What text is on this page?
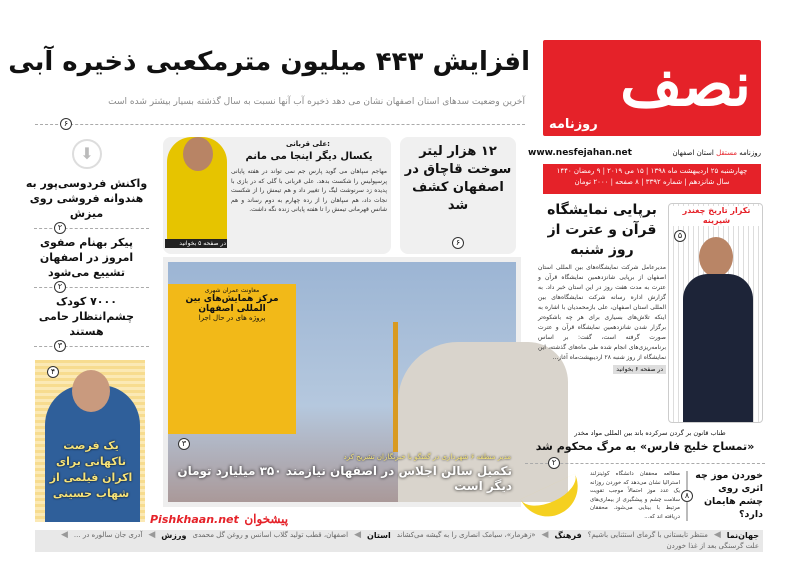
افزایش ۴۴۳ میلیون مترمکعبی ذخیره آبی
آخرین وضعیت سدهای استان اصفهان نشان می دهد ذخیره آب آنها نسبت به سال گذشته بسیار بیشتر شده است
۶
نصف
روزنامه
www.nesfejahan.net	روزنامه مستقل استان اصفهان
چهارشنبه ۲۵ اردیبهشت ماه ۱۳۹۸ | ۱۵ می ۲۰۱۹ | ۹ رمضان ۱۴۴۰
سال شانزدهم | شماره ۳۳۹۲ | ۸ صفحه | ۲۰۰۰ تومان
⬇
واکنش فردوسی‌پور به هندوانه فروشی روی میزش
۲
پیکر بهنام صفوی امروز در اصفهان تشییع می‌شود
۲
۷۰۰۰ کودک چشم‌انتظار حامی هستند
۳
یک فرصت ناکهانی برای اکران فیلمی از شهاب حسینی
۴
در صفحه ۵ بخوانید
علی قربانی:
یکسال دیگر اینجا می مانم
مهاجم سپاهان می گوید پارس جم نمی تواند در هفته پایانی پرسپولیس را شکست بدهد. علی قربانی با گلی که در بازی با پدیده زد سرنوشت لیگ را تغییر داد و هم تیمش را از شکست نجات داد، هم سپاهان را از رده چهارم به دوم رساند و هم شانس قهرمانی تیمش را تا هفته پایانی زنده نگه داشت.
۱۲ هزار لیتر سوخت قاچاق در اصفهان کشف شد
۶
معاونت عمران شهری
مرکز همایش‌های بین المللی اصفهان
پروژه های در حال اجرا
۳
مدیر منطقه ۶ شهرداری در گفتگو با خبرنگاران تشریح کرد
تکمیل سالن اجلاس در اصفهان نیازمند ۳۵۰ میلیارد تومان دیگر است
برپایی نمایشگاه قرآن و عترت از روز شنبه
مدیرعامل شرکت نمایشگاه‌های بین المللی استان اصفهان از برپایی شانزدهمین نمایشگاه قرآن و عترت به مدت هفت روز در این استان خبر داد. به گزارش اداره رسانه شرکت نمایشگاه‌های بین المللی استان اصفهان، علی بازمحمدیان با اشاره به اینکه تلاش‌های بسیاری برای هر چه باشکوه‌تر برگزار شدن شانزدهمین نمایشگاه قرآن و عترت صورت گرفته است، گفت: بر اساس برنامه‌ریزی‌های انجام شده طی ماه‌های گذشته، این نمایشگاه از روز شنبه ۲۸ اردیبهشت‌ماه آغاز...
در صفحه ۶ بخوانید
تکرار تاریخ چغندر شیرینه
۵
طناب قانون بر گردن سرکرده باند بین المللی مواد مخدر
«تمساح خلیج فارس» به مرگ محکوم شد
۲
مطالعه محققان دانشگاه کوئینزلند استرالیا نشان می‌دهد که خوردن روزانه یک عدد موز احتمالاً موجب تقویت سلامت چشم و پیشگیری از بیماری‌های مرتبط با بینایی می‌شود. محققان دریافته اند که...
۸
خوردن موز چه اثری روی چشم هایمان دارد؟
جهان‌نما
◀
منتظر تابستانی با گرمای استثنایی باشیم؟
فرهنگ
◀
«زهرمار»، سیامک انصاری را به گیشه می‌کشاند
استان
◀
اصفهان، قطب تولید گلاب اسانس و روغن گل محمدی
ورزش
◀
آدری جان سالوره در ...
◀
علت گرسنگی بعد از غذا خوردن
Pishkhaan.net پیشخوان
